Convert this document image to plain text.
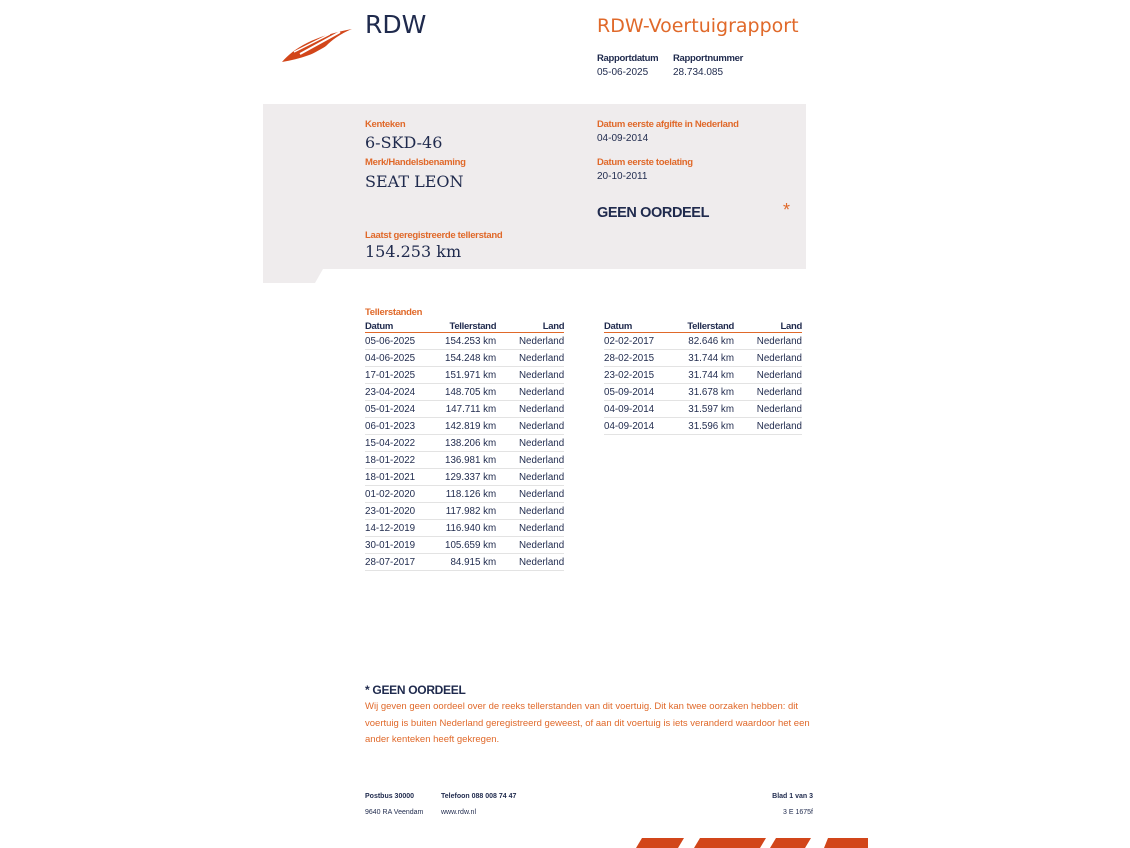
RDW	RDW-Voertuigrapport
Rapportdatum
05-06-2025
Rapportnummer
28.734.085
Kenteken
6-SKD-46
Merk/Handelsbenaming
SEAT LEON
Datum eerste afgifte in Nederland
04-09-2014
Datum eerste toelating
20-10-2011
GEEN OORDEEL	*
Laatst geregistreerde tellerstand
154.253 km
Tellerstanden
Datum	Tellerstand	Land
05-06-2025	154.253 km	Nederland
04-06-2025	154.248 km	Nederland
17-01-2025	151.971 km	Nederland
23-04-2024	148.705 km	Nederland
05-01-2024	147.711 km	Nederland
06-01-2023	142.819 km	Nederland
15-04-2022	138.206 km	Nederland
18-01-2022	136.981 km	Nederland
18-01-2021	129.337 km	Nederland
01-02-2020	118.126 km	Nederland
23-01-2020	117.982 km	Nederland
14-12-2019	116.940 km	Nederland
30-01-2019	105.659 km	Nederland
28-07-2017	84.915 km	Nederland
Datum	Tellerstand	Land
02-02-2017	82.646 km	Nederland
28-02-2015	31.744 km	Nederland
23-02-2015	31.744 km	Nederland
05-09-2014	31.678 km	Nederland
04-09-2014	31.597 km	Nederland
04-09-2014	31.596 km	Nederland
* GEEN OORDEEL
Wij geven geen oordeel over de reeks tellerstanden van dit voertuig. Dit kan twee oorzaken hebben: dit voertuig is buiten Nederland geregistreerd geweest, of aan dit voertuig is iets veranderd waardoor het een ander kenteken heeft gekregen.
Postbus 30000
9640 RA Veendam
Telefoon 088 008 74 47
www.rdw.nl
Blad 1 van 3
3 E 1675f
